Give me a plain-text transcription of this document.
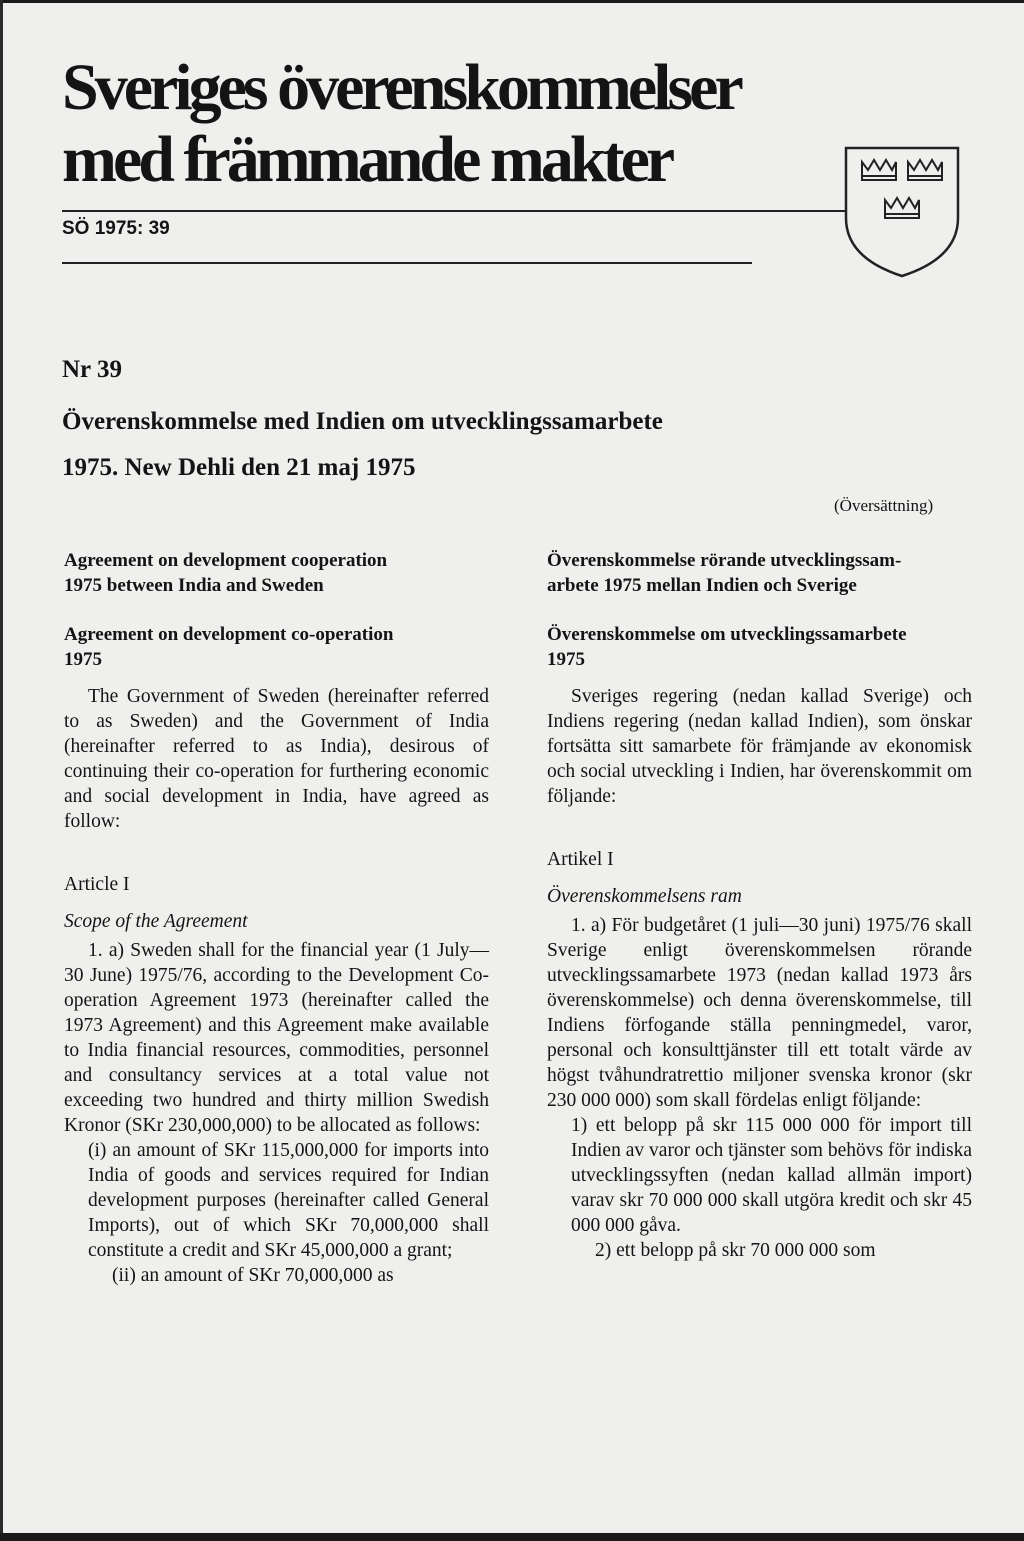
Sveriges överenskommelser
med främmande makter
SÖ 1975: 39
Nr 39
Överenskommelse med Indien om utvecklingssamarbete
1975. New Dehli den 21 maj 1975
(Översättning)

Agreement on development cooperation
1975 between India and Sweden

Agreement on development co-operation
1975

The Government of Sweden (hereinafter referred to as Sweden) and the Government of India (hereinafter referred to as India), desirous of continuing their co-operation for furthering economic and social development in India, have agreed as follow:

Article I

Scope of the Agreement

1. a) Sweden shall for the financial year (1 July—30 June) 1975/76, according to the Development Co-operation Agreement 1973 (hereinafter called the 1973 Agreement) and this Agreement make available to India financial resources, commodities, personnel and consultancy services at a total value not exceeding two hundred and thirty million Swedish Kronor (SKr 230,000,000) to be allocated as follows:

(i) an amount of SKr 115,000,000 for imports into India of goods and services required for Indian development purposes (hereinafter called General Imports), out of which SKr 70,000,000 shall constitute a credit and SKr 45,000,000 a grant;

(ii) an amount of SKr 70,000,000 as

Överenskommelse rörande utvecklingssam-
arbete 1975 mellan Indien och Sverige

Överenskommelse om utvecklingssamarbete
1975

Sveriges regering (nedan kallad Sverige) och Indiens regering (nedan kallad Indien), som önskar fortsätta sitt samarbete för främjande av ekonomisk och social utveckling i Indien, har överenskommit om följande:

Artikel I

Överenskommelsens ram

1. a) För budgetåret (1 juli—30 juni) 1975/76 skall Sverige enligt överenskommelsen rörande utvecklingssamarbete 1973 (nedan kallad 1973 års överenskommelse) och denna överenskommelse, till Indiens förfogande ställa penningmedel, varor, personal och konsulttjänster till ett totalt värde av högst tvåhundratrettio miljoner svenska kronor (skr 230 000 000) som skall fördelas enligt följande:

1) ett belopp på skr 115 000 000 för import till Indien av varor och tjänster som behövs för indiska utvecklingssyften (nedan kallad allmän import) varav skr 70 000 000 skall utgöra kredit och skr 45 000 000 gåva.

2) ett belopp på skr 70 000 000 som
